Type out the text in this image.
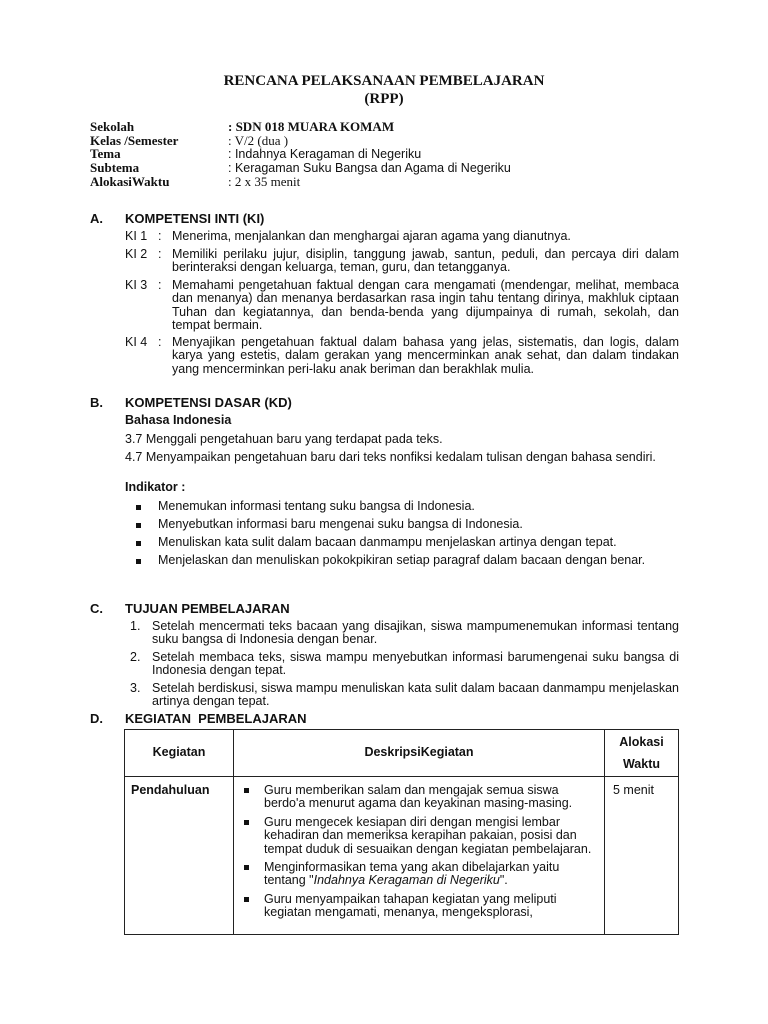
RENCANA PELAKSANAAN PEMBELAJARAN
(RPP)
Sekolah	: SDN 018 MUARA KOMAM
Kelas /Semester	: V/2 (dua )
Tema	: Indahnya Keragaman di Negeriku
Subtema	: Keragaman Suku Bangsa dan Agama di Negeriku
AlokasiWaktu	: 2 x 35 menit
A. KOMPETENSI INTI (KI)
KI 1 : Menerima, menjalankan dan menghargai ajaran agama yang dianutnya.
KI 2 : Memiliki perilaku jujur, disiplin, tanggung jawab, santun, peduli, dan percaya diri dalam berinteraksi dengan keluarga, teman, guru, dan tetangganya.
KI 3 : Memahami pengetahuan faktual dengan cara mengamati (mendengar, melihat, membaca dan menanya) dan menanya berdasarkan rasa ingin tahu tentang dirinya, makhluk ciptaan Tuhan dan kegiatannya, dan benda-benda yang dijumpainya di rumah, sekolah, dan tempat bermain.
KI 4 : Menyajikan pengetahuan faktual dalam bahasa yang jelas, sistematis, dan logis, dalam karya yang estetis, dalam gerakan yang mencerminkan anak sehat, dan dalam tindakan yang mencerminkan peri-laku anak beriman dan berakhlak mulia.
B. KOMPETENSI DASAR (KD)
Bahasa Indonesia
3.7 Menggali pengetahuan baru yang terdapat pada teks.
4.7 Menyampaikan pengetahuan baru dari teks nonfiksi kedalam tulisan dengan bahasa sendiri.
Indikator :
Menemukan informasi tentang suku bangsa di Indonesia.
Menyebutkan informasi baru mengenai suku bangsa di Indonesia.
Menuliskan kata sulit dalam bacaan danmampu menjelaskan artinya dengan tepat.
Menjelaskan dan menuliskan pokokpikiran setiap paragraf dalam bacaan dengan benar.
C. TUJUAN PEMBELAJARAN
1. Setelah mencermati teks bacaan yang disajikan, siswa mampumenemukan informasi tentang suku bangsa di Indonesia dengan benar.
2. Setelah membaca teks, siswa mampu menyebutkan informasi barumengenai suku bangsa di Indonesia dengan tepat.
3. Setelah berdiskusi, siswa mampu menuliskan kata sulit dalam bacaan danmampu menjelaskan artinya dengan tepat.
D. KEGIATAN  PEMBELAJARAN
Kegiatan	DeskripsiKegiatan	Alokasi
Waktu
Pendahuluan	Guru memberikan salam dan mengajak semua siswa berdo'a menurut agama dan keyakinan masing-masing.
Guru mengecek kesiapan diri dengan mengisi lembar kehadiran dan memeriksa kerapihan pakaian, posisi dan tempat duduk di sesuaikan dengan kegiatan pembelajaran.
Menginformasikan tema yang akan dibelajarkan yaitu tentang "Indahnya Keragaman di Negeriku".
Guru menyampaikan tahapan kegiatan yang meliputi kegiatan mengamati, menanya, mengeksplorasi,	5 menit
